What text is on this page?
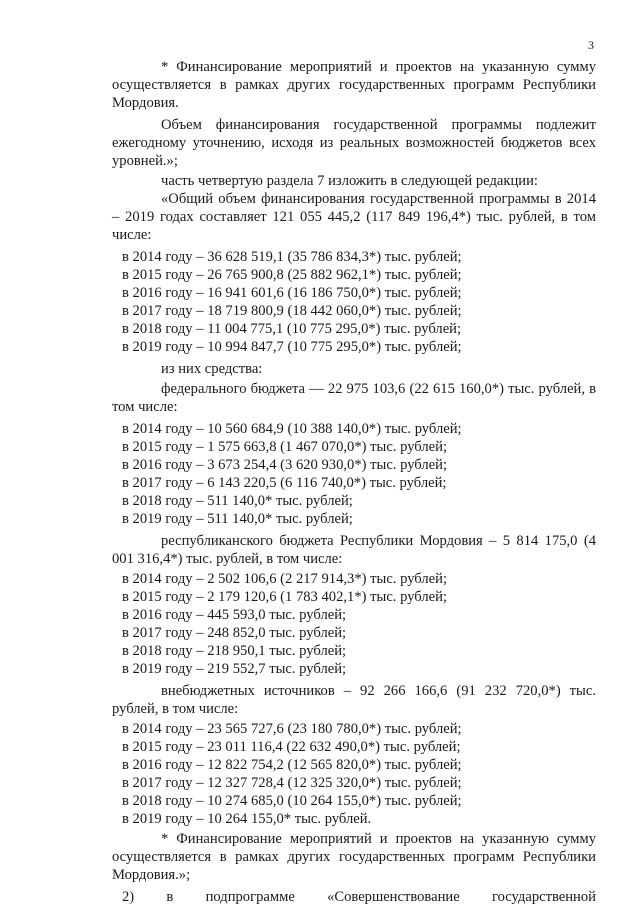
3

* Финансирование мероприятий и проектов на указанную сумму осуществляется в рамках других государственных программ Республики Мордовия.

Объем финансирования государственной программы подлежит ежегодному уточнению, исходя из реальных возможностей бюджетов всех уровней.»;

часть четвертую раздела 7 изложить в следующей редакции:

«Общий объем финансирования государственной программы в 2014 – 2019 годах составляет 121 055 445,2 (117 849 196,4*) тыс. рублей, в том числе:

в 2014 году – 36 628 519,1 (35 786 834,3*) тыс. рублей;
в 2015 году – 26 765 900,8 (25 882 962,1*) тыс. рублей;
в 2016 году – 16 941 601,6 (16 186 750,0*) тыс. рублей;
в 2017 году – 18 719 800,9 (18 442 060,0*) тыс. рублей;
в 2018 году – 11 004 775,1 (10 775 295,0*) тыс. рублей;
в 2019 году – 10 994 847,7 (10 775 295,0*) тыс. рублей;

из них средства:

федерального бюджета — 22 975 103,6 (22 615 160,0*) тыс. рублей, в том числе:

в 2014 году – 10 560 684,9 (10 388 140,0*) тыс. рублей;
в 2015 году – 1 575 663,8 (1 467 070,0*) тыс. рублей;
в 2016 году – 3 673 254,4 (3 620 930,0*) тыс. рублей;
в 2017 году – 6 143 220,5 (6 116 740,0*) тыс. рублей;
в 2018 году – 511 140,0* тыс. рублей;
в 2019 году – 511 140,0* тыс. рублей;

республиканского бюджета Республики Мордовия – 5 814 175,0 (4 001 316,4*) тыс. рублей, в том числе:

в 2014 году – 2 502 106,6 (2 217 914,3*) тыс. рублей;
в 2015 году – 2 179 120,6 (1 783 402,1*) тыс. рублей;
в 2016 году – 445 593,0 тыс. рублей;
в 2017 году – 248 852,0 тыс. рублей;
в 2018 году – 218 950,1 тыс. рублей;
в 2019 году – 219 552,7 тыс. рублей;

внебюджетных источников – 92 266 166,6 (91 232 720,0*) тыс. рублей, в том числе:

в 2014 году – 23 565 727,6 (23 180 780,0*) тыс. рублей;
в 2015 году – 23 011 116,4 (22 632 490,0*) тыс. рублей;
в 2016 году – 12 822 754,2 (12 565 820,0*) тыс. рублей;
в 2017 году – 12 327 728,4 (12 325 320,0*) тыс. рублей;
в 2018 году – 10 274 685,0 (10 264 155,0*) тыс. рублей;
в 2019 году – 10 264 155,0* тыс. рублей.

* Финансирование мероприятий и проектов на указанную сумму осуществляется в рамках других государственных программ Республики Мордовия.»;

2) в подпрограмме «Совершенствование государственной
